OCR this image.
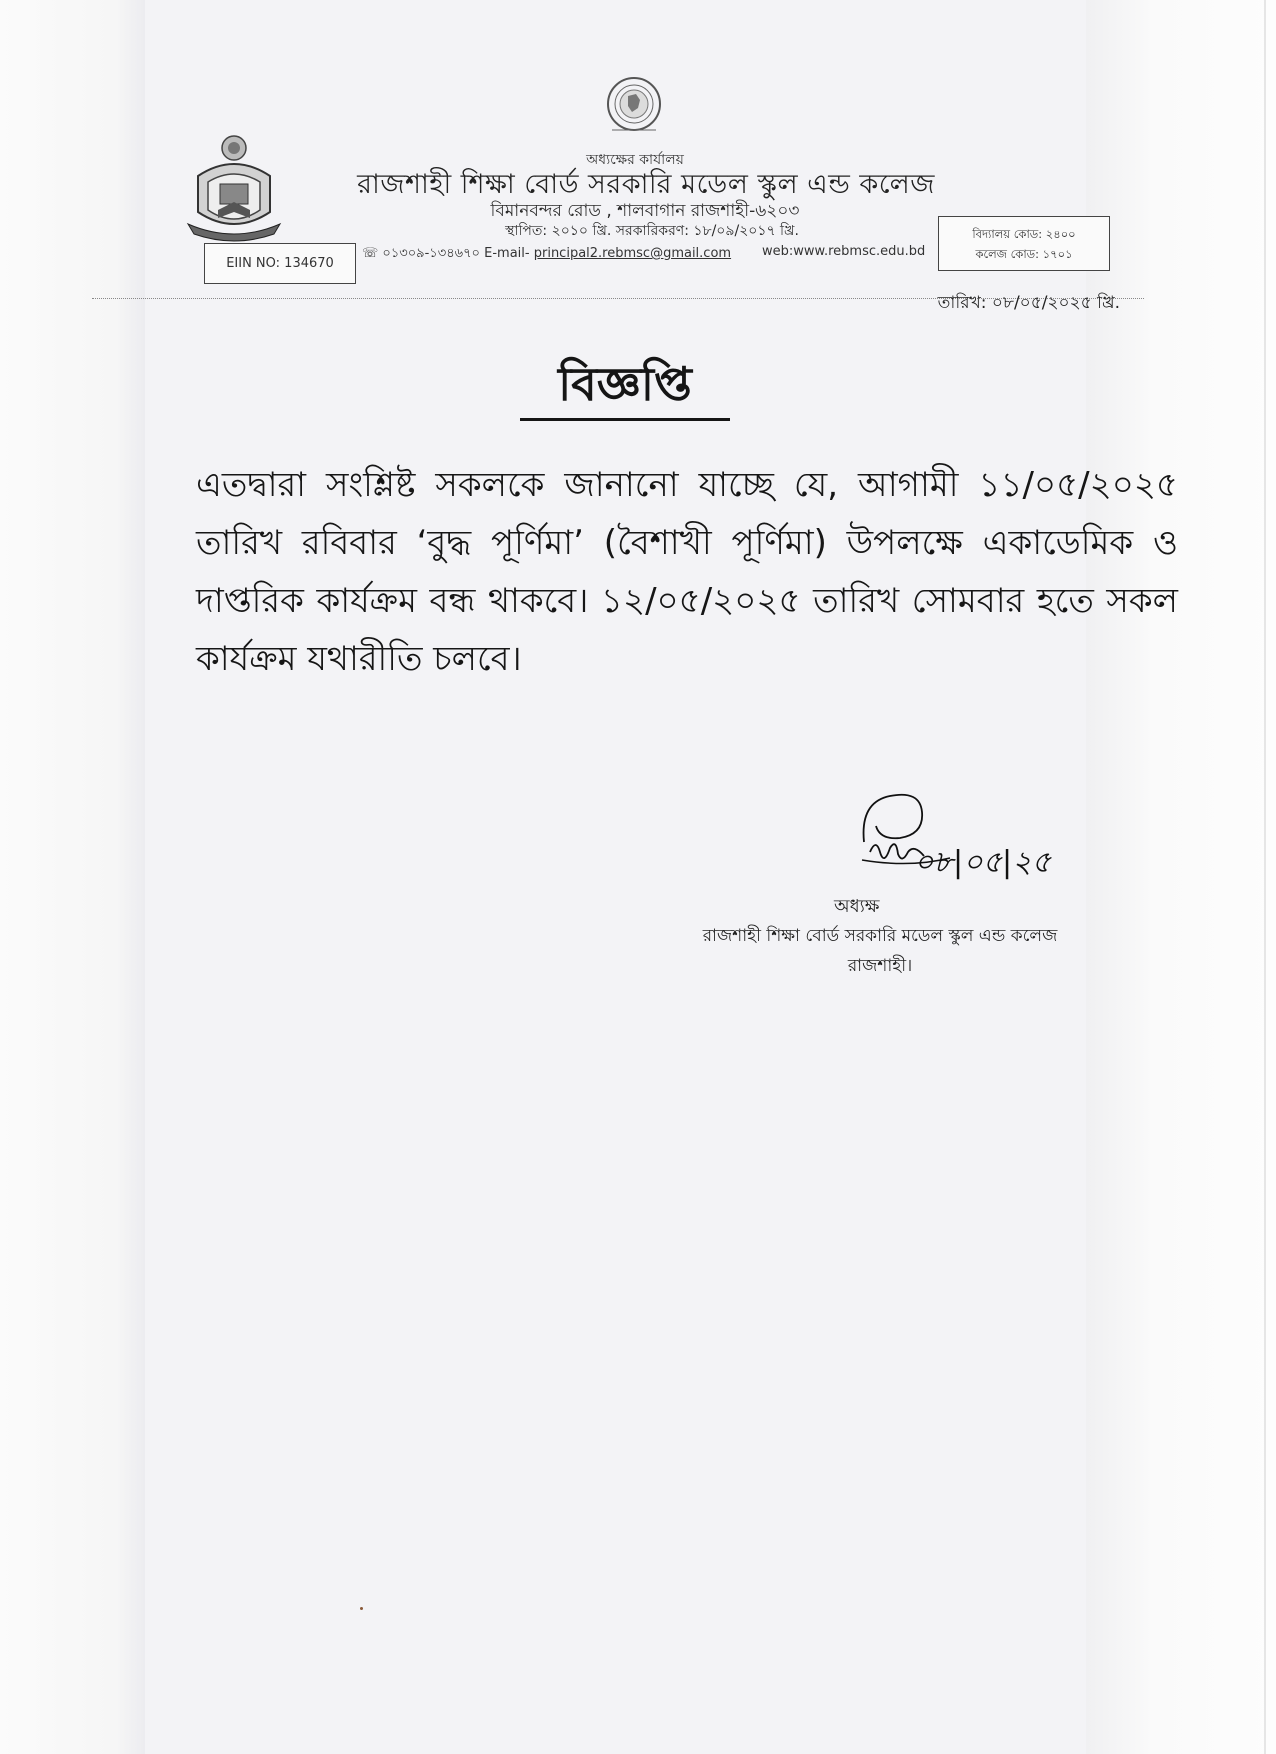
অধ্যক্ষের কার্যালয়
রাজশাহী শিক্ষা বোর্ড সরকারি মডেল স্কুল এন্ড কলেজ
বিমানবন্দর রোড , শালবাগান রাজশাহী-৬২০৩
স্থাপিত: ২০১০ খ্রি. সরকারিকরণ: ১৮/০৯/২০১৭ খ্রি.
EIIN NO: 134670
☏ ০১৩০৯-১৩৪৬৭০ E-mail- principal2.rebmsc@gmail.com web:www.rebmsc.edu.bd
বিদ্যালয় কোড: ২৪০০
কলেজ কোড: ১৭০১
তারিখ: ০৮/০৫/২০২৫ খ্রি.
বিজ্ঞপ্তি

এতদ্বারা সংশ্লিষ্ট সকলকে জানানো যাচ্ছে যে, আগামী ১১/০৫/২০২৫ তারিখ রবিবার ‘বুদ্ধ পূর্ণিমা’ (বৈশাখী পূর্ণিমা) উপলক্ষে একাডেমিক ও দাপ্তরিক কার্যক্রম বন্ধ থাকবে। ১২/০৫/২০২৫ তারিখ সোমবার হতে সকল কার্যক্রম যথারীতি চলবে।

০৮|০৫|২৫
অধ্যক্ষ
রাজশাহী শিক্ষা বোর্ড সরকারি মডেল স্কুল এন্ড কলেজ
রাজশাহী।
